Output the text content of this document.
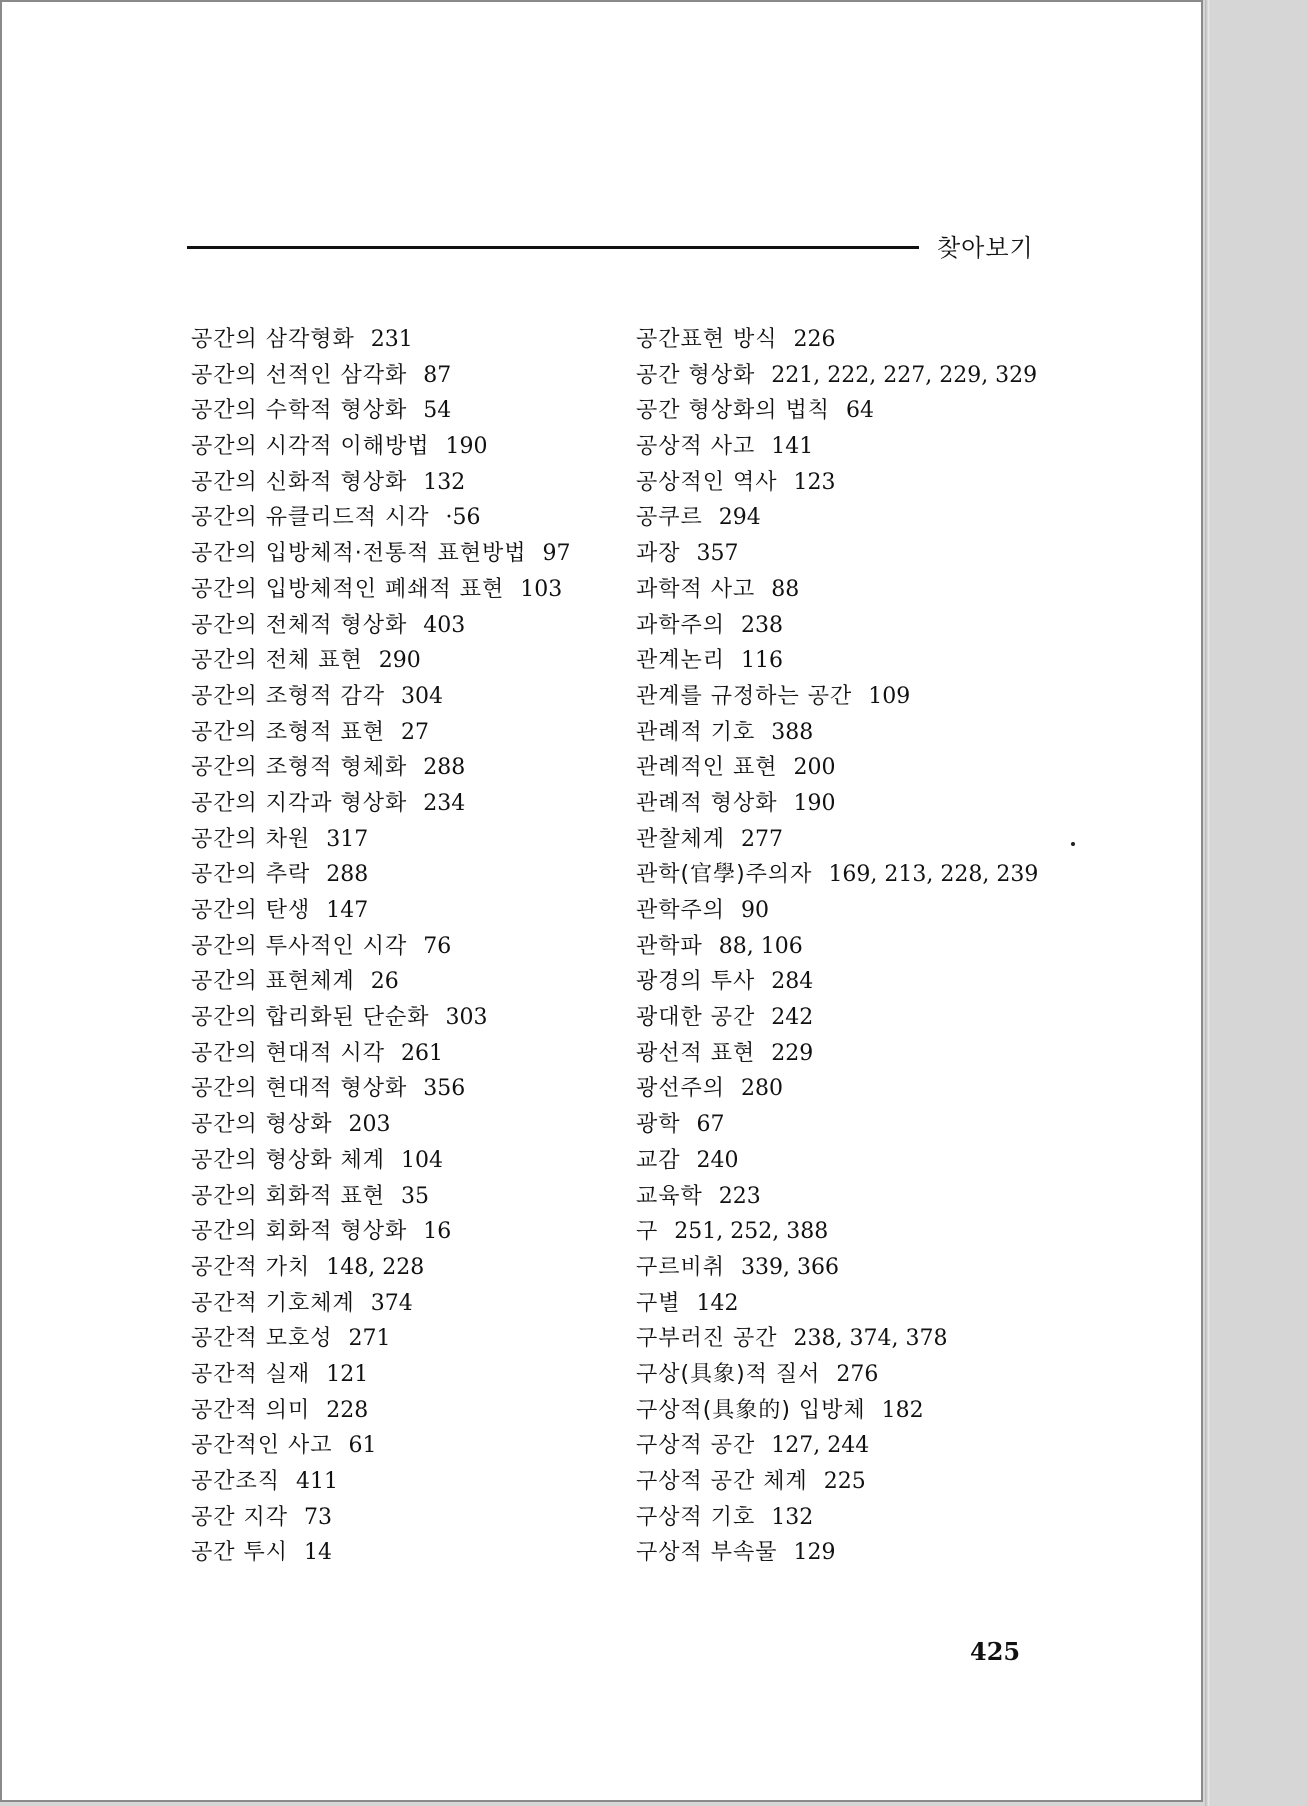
찾아보기
공간의 삼각형화 231
공간의 선적인 삼각화 87
공간의 수학적 형상화 54
공간의 시각적 이해방법 190
공간의 신화적 형상화 132
공간의 유클리드적 시각 ·56
공간의 입방체적·전통적 표현방법 97
공간의 입방체적인 폐쇄적 표현 103
공간의 전체적 형상화 403
공간의 전체 표현 290
공간의 조형적 감각 304
공간의 조형적 표현 27
공간의 조형적 형체화 288
공간의 지각과 형상화 234
공간의 차원 317
공간의 추락 288
공간의 탄생 147
공간의 투사적인 시각 76
공간의 표현체계 26
공간의 합리화된 단순화 303
공간의 현대적 시각 261
공간의 현대적 형상화 356
공간의 형상화 203
공간의 형상화 체계 104
공간의 회화적 표현 35
공간의 회화적 형상화 16
공간적 가치 148, 228
공간적 기호체계 374
공간적 모호성 271
공간적 실재 121
공간적 의미 228
공간적인 사고 61
공간조직 411
공간 지각 73
공간 투시 14
공간표현 방식 226
공간 형상화 221, 222, 227, 229, 329
공간 형상화의 법칙 64
공상적 사고 141
공상적인 역사 123
공쿠르 294
과장 357
과학적 사고 88
과학주의 238
관계논리 116
관계를 규정하는 공간 109
관례적 기호 388
관례적인 표현 200
관례적 형상화 190
관찰체계 277
관학(官學)주의자 169, 213, 228, 239
관학주의 90
관학파 88, 106
광경의 투사 284
광대한 공간 242
광선적 표현 229
광선주의 280
광학 67
교감 240
교육학 223
구 251, 252, 388
구르비취 339, 366
구별 142
구부러진 공간 238, 374, 378
구상(具象)적 질서 276
구상적(具象的) 입방체 182
구상적 공간 127, 244
구상적 공간 체계 225
구상적 기호 132
구상적 부속물 129
425
